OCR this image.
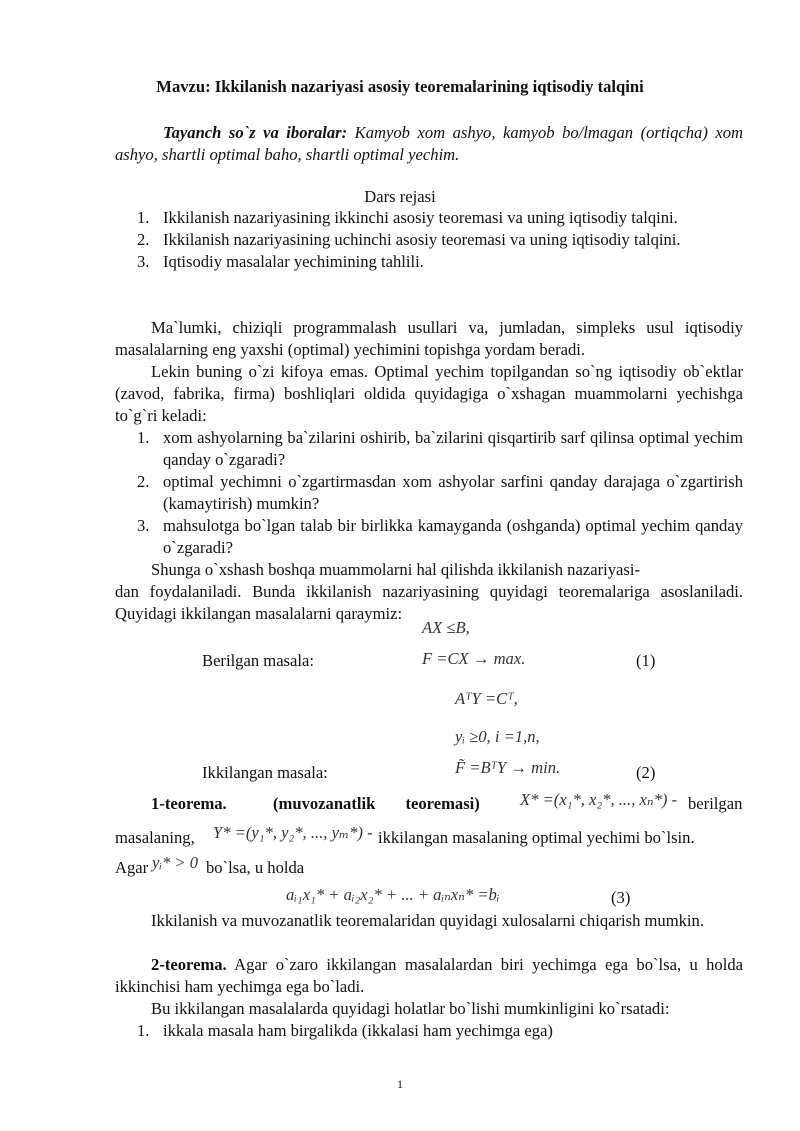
Mavzu: Ikkilanish nazariyasi asosiy teoremalarining iqtisodiy talqini
Tayanch so`z va iboralar: Kamyob xom ashyo, kamyob bo/lmagan (ortiqcha) xom ashyo, shartli optimal baho, shartli optimal yechim.
Dars rejasi
1. Ikkilanish nazariyasining ikkinchi asosiy teoremasi va uning iqtisodiy talqini.
2. Ikkilanish nazariyasining uchinchi asosiy teoremasi va uning iqtisodiy talqini.
3. Iqtisodiy masalalar yechimining tahlili.
Ma`lumki, chiziqli programmalash usullari va, jumladan, simpleks usul iqtisodiy masalalarning eng yaxshi (optimal) yechimini topishga yordam beradi.
Lekin buning o`zi kifoya emas. Optimal yechim topilgandan so`ng iqtisodiy ob`ektlar (zavod, fabrika, firma) boshliqlari oldida quyidagiga o`xshagan muammolarni yechishga to`g`ri keladi:
1. xom ashyolarning ba`zilarini oshirib, ba`zilarini qisqartirib sarf qilinsa optimal yechim qanday o`zgaradi?
2. optimal yechimni o`zgartirmasdan xom ashyolar sarfini qanday darajaga o`zgartirish (kamaytirish) mumkin?
3. mahsulotga bo`lgan talab bir birlikka kamayganda (oshganda) optimal yechim qanday o`zgaradi?
Shunga o`xshash boshqa muammolarni hal qilishda ikkilanish nazariyasi-
dan foydalaniladi. Bunda ikkilanish nazariyasining quyidagi teoremalariga asoslaniladi. Quyidagi ikkilangan masalalarni qaraymiz:
AX ≤B,
Berilgan masala:	F =CX → max.	(1)
AᵀY =Cᵀ,
yᵢ ≥0, i =1,n,
Ikkilangan masala:	F̃ =BᵀY → min.	(2)
1-teorema.	(muvozanatlik teoremasi) X* =(x₁*, x₂*, ..., xₙ*) - berilgan
masalaning, Y* =(y₁*, y₂*, ..., yₘ*) - ikkilangan masalaning optimal yechimi bo`lsin.
Agar yᵢ* > 0 bo`lsa, u holda
aᵢ₁x₁* + aᵢ₂x₂* + ... + aᵢₙxₙ* =bᵢ	(3)
Ikkilanish va muvozanatlik teoremalaridan quyidagi xulosalarni chiqarish mumkin.
2-teorema. Agar o`zaro ikkilangan masalalardan biri yechimga ega bo`lsa, u holda ikkinchisi ham yechimga ega bo`ladi.
Bu ikkilangan masalalarda quyidagi holatlar bo`lishi mumkinligini ko`rsatadi:
1. ikkala masala ham birgalikda (ikkalasi ham yechimga ega)
1
